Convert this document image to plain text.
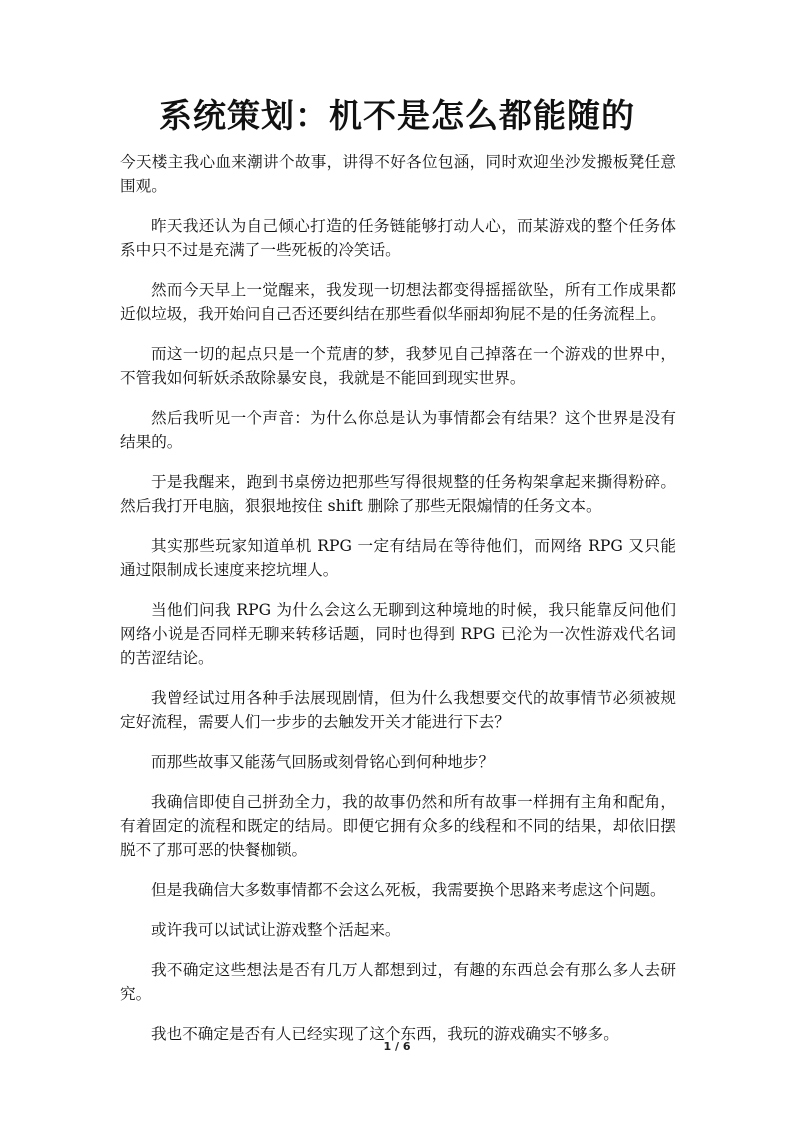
系统策划：机不是怎么都能随的

今天楼主我心血来潮讲个故事，讲得不好各位包涵，同时欢迎坐沙发搬板凳任意围观。

昨天我还认为自己倾心打造的任务链能够打动人心，而某游戏的整个任务体系中只不过是充满了一些死板的冷笑话。

然而今天早上一觉醒来，我发现一切想法都变得摇摇欲坠，所有工作成果都近似垃圾，我开始问自己否还要纠结在那些看似华丽却狗屁不是的任务流程上。

而这一切的起点只是一个荒唐的梦，我梦见自己掉落在一个游戏的世界中，不管我如何斩妖杀敌除暴安良，我就是不能回到现实世界。

然后我听见一个声音：为什么你总是认为事情都会有结果？这个世界是没有结果的。

于是我醒来，跑到书桌傍边把那些写得很规整的任务构架拿起来撕得粉碎。然后我打开电脑，狠狠地按住 shift 删除了那些无限煽情的任务文本。

其实那些玩家知道单机 RPG 一定有结局在等待他们，而网络 RPG 又只能通过限制成长速度来挖坑埋人。

当他们问我 RPG 为什么会这么无聊到这种境地的时候，我只能靠反问他们网络小说是否同样无聊来转移话题，同时也得到 RPG 已沦为一次性游戏代名词的苦涩结论。

我曾经试过用各种手法展现剧情，但为什么我想要交代的故事情节必须被规定好流程，需要人们一步步的去触发开关才能进行下去？

而那些故事又能荡气回肠或刻骨铭心到何种地步？

我确信即使自己拼劲全力，我的故事仍然和所有故事一样拥有主角和配角，有着固定的流程和既定的结局。即便它拥有众多的线程和不同的结果，却依旧摆脱不了那可恶的快餐枷锁。

但是我确信大多数事情都不会这么死板，我需要换个思路来考虑这个问题。

或许我可以试试让游戏整个活起来。

我不确定这些想法是否有几万人都想到过，有趣的东西总会有那么多人去研究。

我也不确定是否有人已经实现了这个东西，我玩的游戏确实不够多。

1 / 6
